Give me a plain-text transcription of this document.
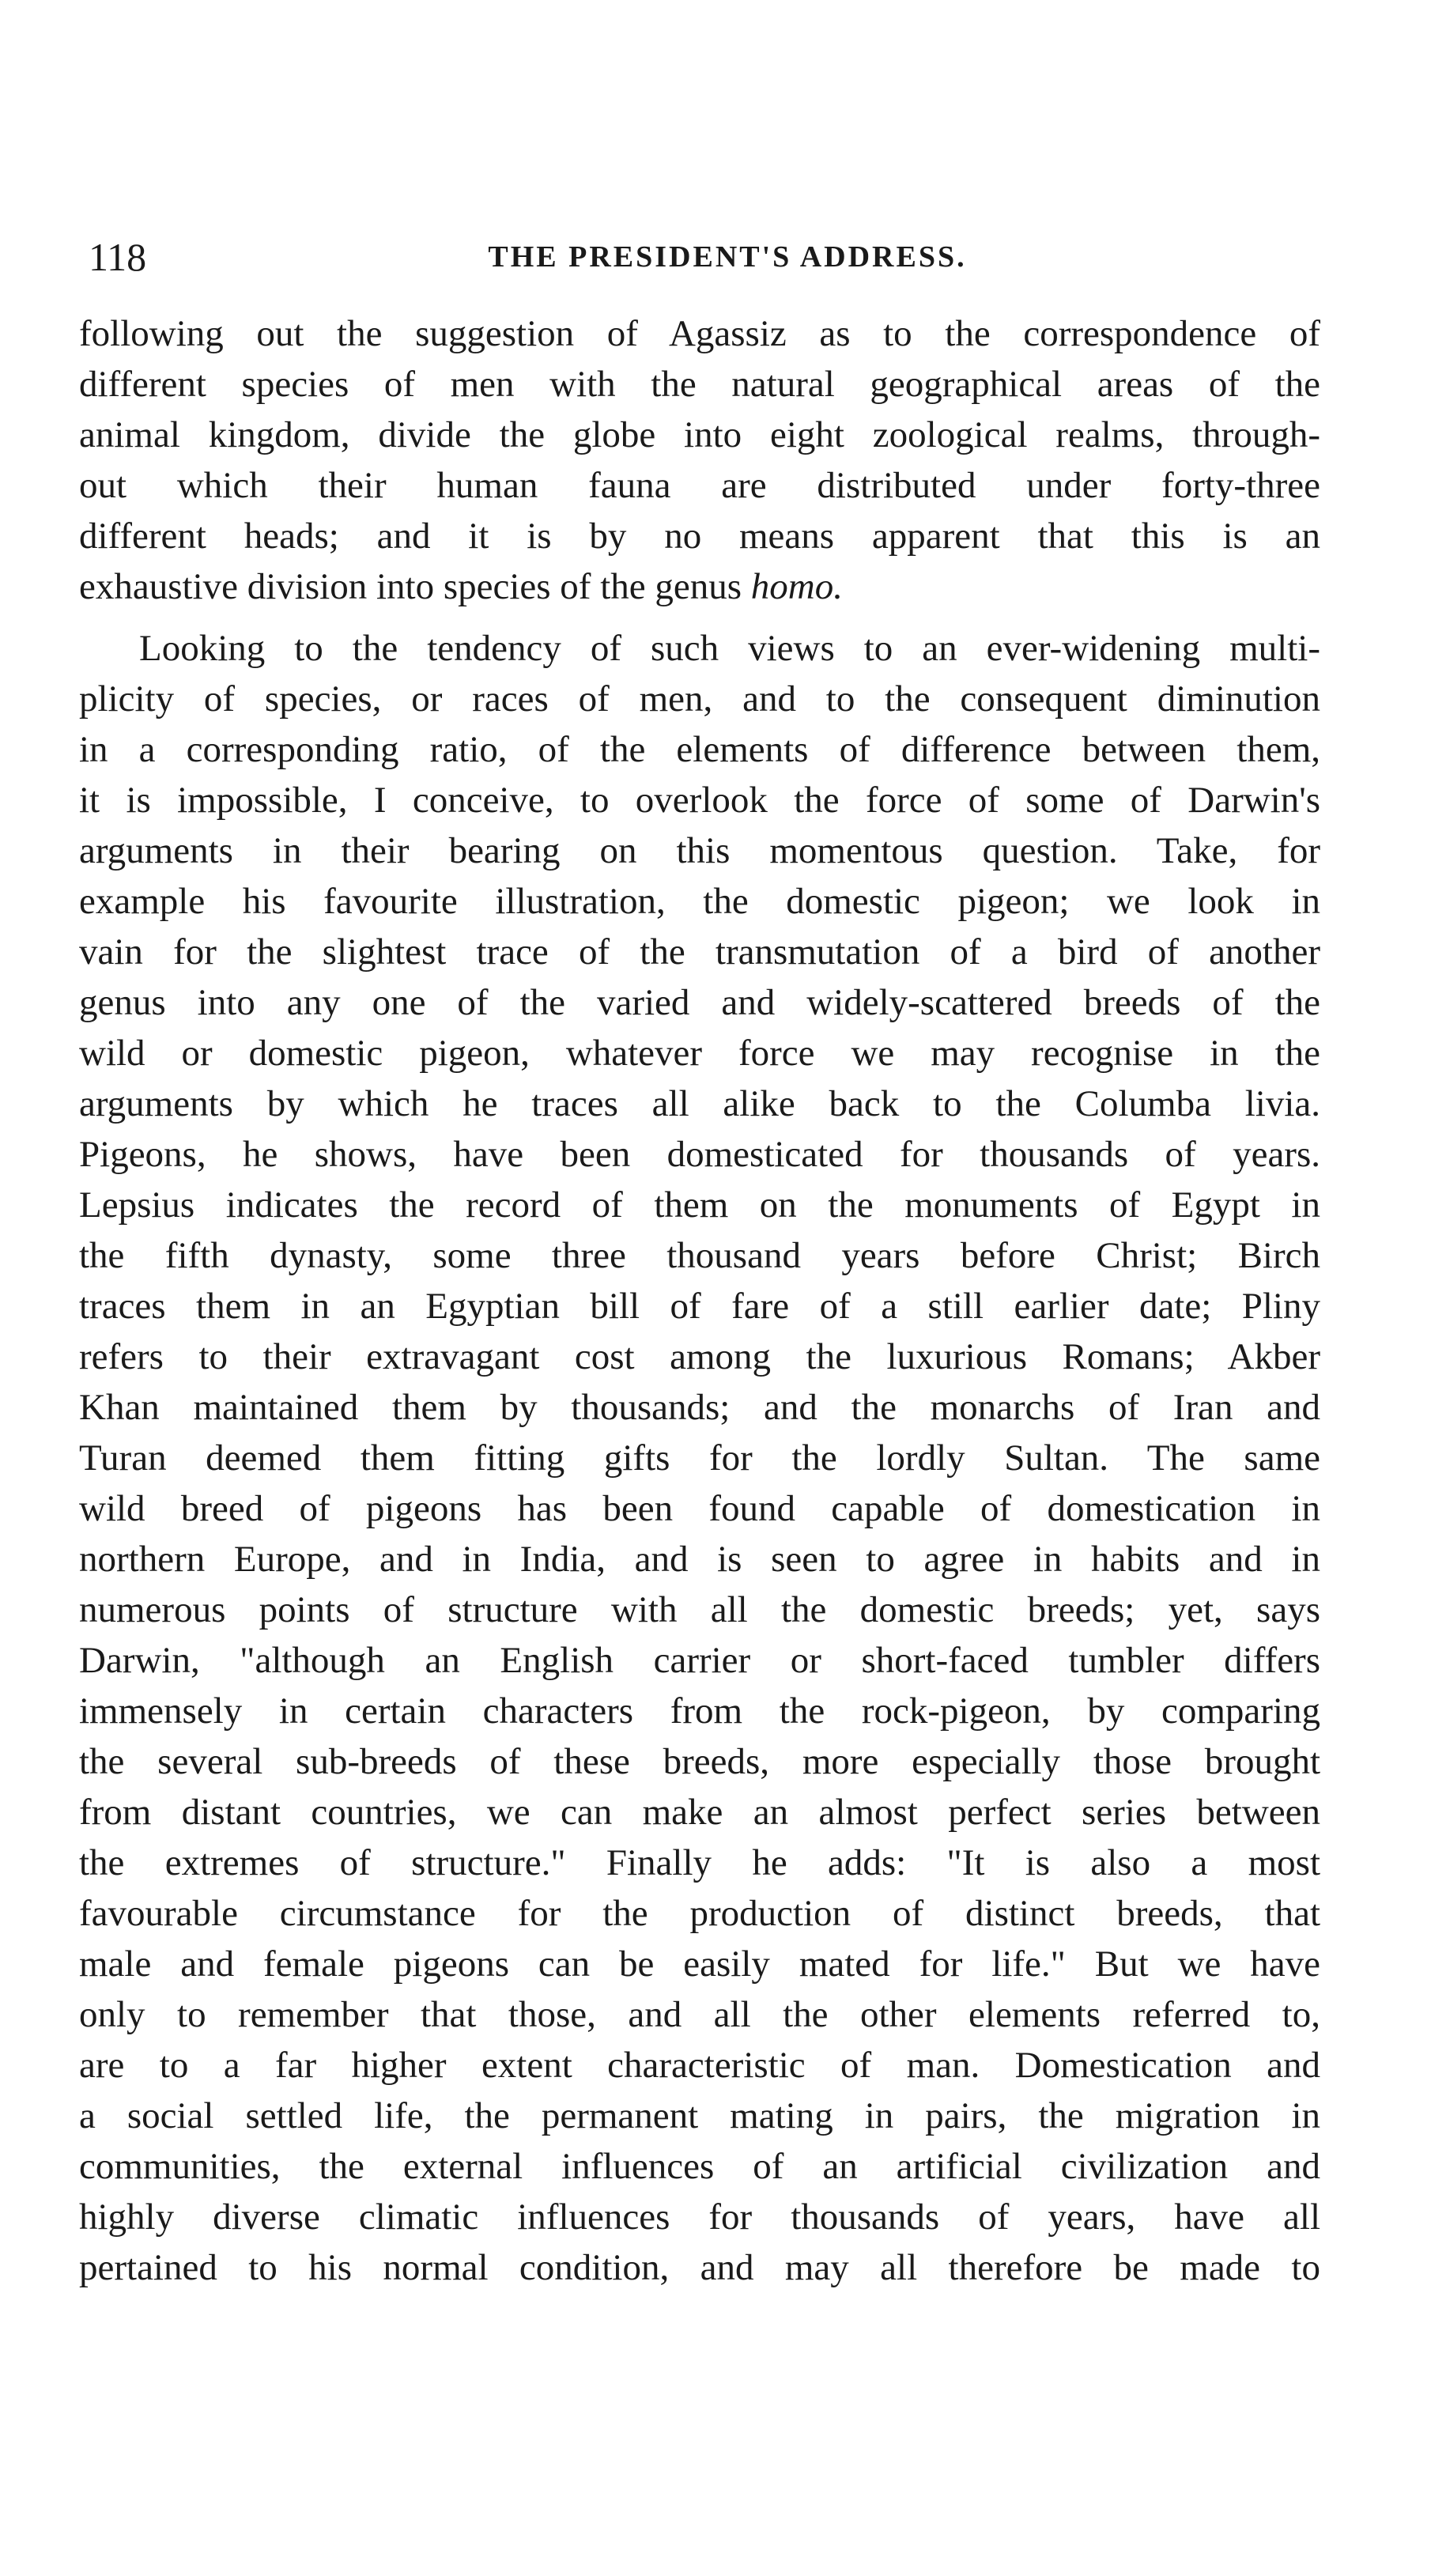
118	THE PRESIDENT'S ADDRESS.
following out the suggestion of Agassiz as to the correspondence of
different species of men with the natural geographical areas of the
animal kingdom, divide the globe into eight zoological realms, through-
out which their human fauna are distributed under forty-three
different heads; and it is by no means apparent that this is an
exhaustive division into species of the genus homo.
Looking to the tendency of such views to an ever-widening multi-
plicity of species, or races of men, and to the consequent diminution
in a corresponding ratio, of the elements of difference between them,
it is impossible, I conceive, to overlook the force of some of Darwin's
arguments in their bearing on this momentous question. Take, for
example his favourite illustration, the domestic pigeon; we look in
vain for the slightest trace of the transmutation of a bird of another
genus into any one of the varied and widely-scattered breeds of the
wild or domestic pigeon, whatever force we may recognise in the
arguments by which he traces all alike back to the Columba livia.
Pigeons, he shows, have been domesticated for thousands of years.
Lepsius indicates the record of them on the monuments of Egypt in
the fifth dynasty, some three thousand years before Christ; Birch
traces them in an Egyptian bill of fare of a still earlier date; Pliny
refers to their extravagant cost among the luxurious Romans; Akber
Khan maintained them by thousands; and the monarchs of Iran and
Turan deemed them fitting gifts for the lordly Sultan. The same
wild breed of pigeons has been found capable of domestication in
northern Europe, and in India, and is seen to agree in habits and in
numerous points of structure with all the domestic breeds; yet, says
Darwin, "although an English carrier or short-faced tumbler differs
immensely in certain characters from the rock-pigeon, by comparing
the several sub-breeds of these breeds, more especially those brought
from distant countries, we can make an almost perfect series between
the extremes of structure." Finally he adds: "It is also a most
favourable circumstance for the production of distinct breeds, that
male and female pigeons can be easily mated for life." But we have
only to remember that those, and all the other elements referred to,
are to a far higher extent characteristic of man. Domestication and
a social settled life, the permanent mating in pairs, the migration in
communities, the external influences of an artificial civilization and
highly diverse climatic influences for thousands of years, have all
pertained to his normal condition, and may all therefore be made to
